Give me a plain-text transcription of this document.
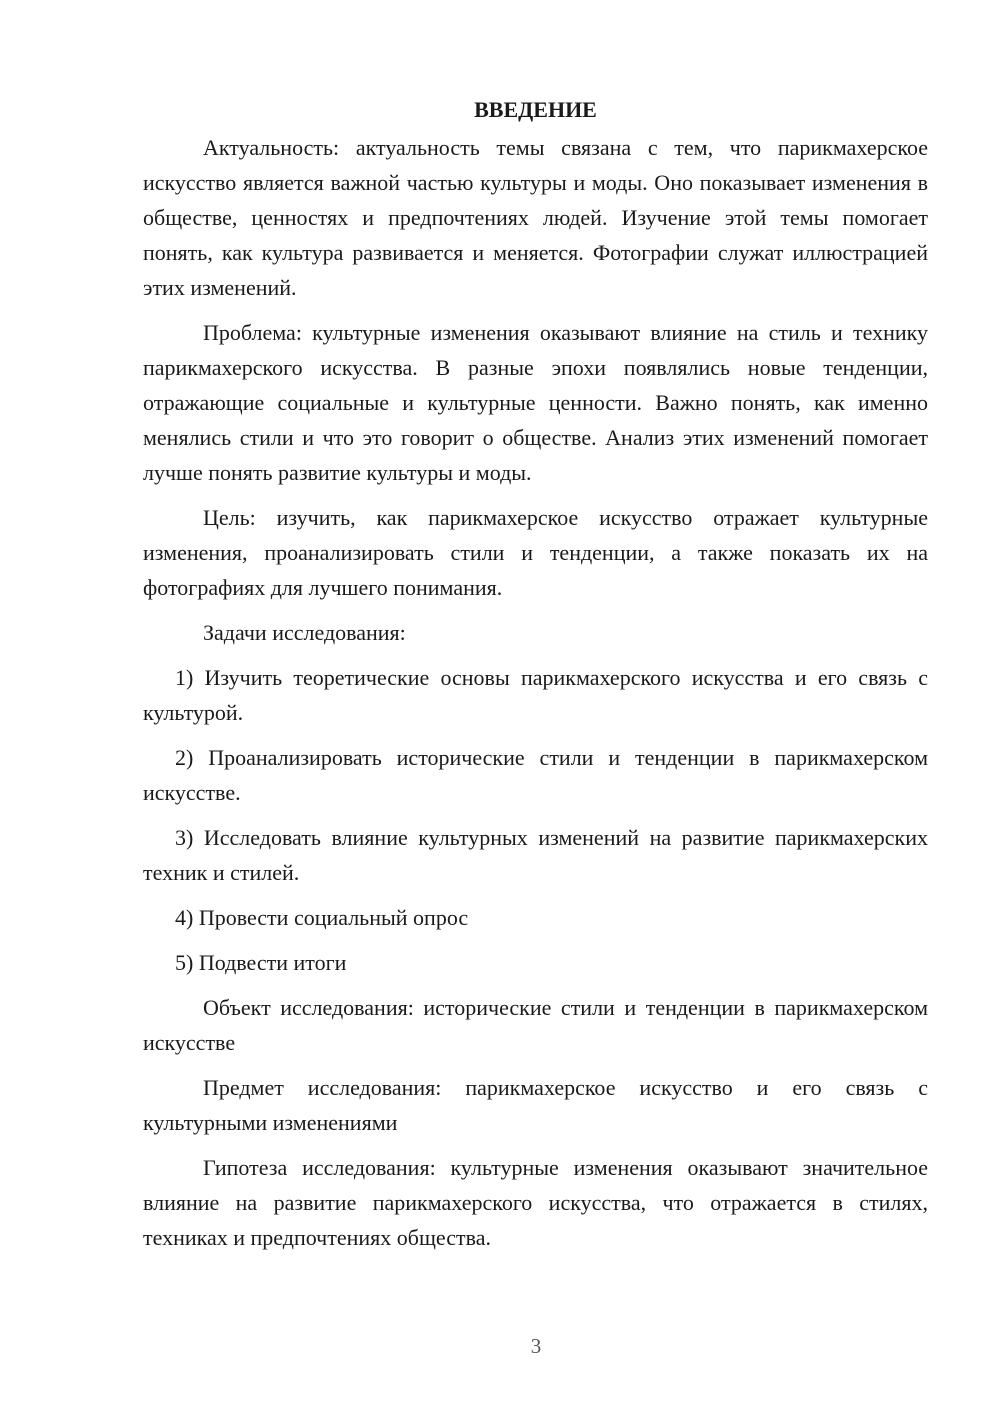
ВВЕДЕНИЕ

Актуальность: актуальность темы связана с тем, что парикмахерское искусство является важной частью культуры и моды. Оно показывает изменения в обществе, ценностях и предпочтениях людей. Изучение этой темы помогает понять, как культура развивается и меняется. Фотографии служат иллюстрацией этих изменений.

Проблема: культурные изменения оказывают влияние на стиль и технику парикмахерского искусства. В разные эпохи появлялись новые тенденции, отражающие социальные и культурные ценности. Важно понять, как именно менялись стили и что это говорит о обществе. Анализ этих изменений помогает лучше понять развитие культуры и моды.

Цель: изучить, как парикмахерское искусство отражает культурные изменения, проанализировать стили и тенденции, а также показать их на фотографиях для лучшего понимания.

Задачи исследования:

1) Изучить теоретические основы парикмахерского искусства и его связь с культурой.

2) Проанализировать исторические стили и тенденции в парикмахерском искусстве.

3) Исследовать влияние культурных изменений на развитие парикмахерских техник и стилей.

4) Провести социальный опрос

5) Подвести итоги

Объект исследования: исторические стили и тенденции в парикмахерском искусстве

Предмет исследования: парикмахерское искусство и его связь с культурными изменениями

Гипотеза исследования: культурные изменения оказывают значительное влияние на развитие парикмахерского искусства, что отражается в стилях, техниках и предпочтениях общества.

3
